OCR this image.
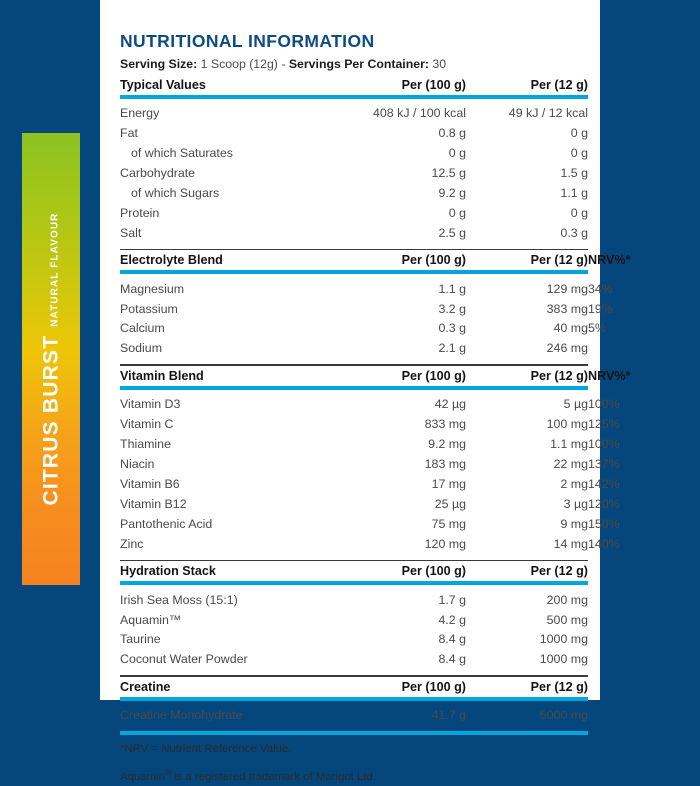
CITRUS BURST
NATURAL FLAVOUR
NUTRITIONAL INFORMATION
Serving Size: 1 Scoop (12g) - Servings Per Container: 30
Typical Values	Per (100 g)	Per (12 g)	

Energy	408 kJ / 100 kcal	49 kJ / 12 kcal	
Fat	0.8 g	0 g	
of which Saturates	0 g	0 g	
Carbohydrate	12.5 g	1.5 g	
of which Sugars	9.2 g	1.1 g	
Protein	0 g	0 g	
Salt	2.5 g	0.3 g	

Electrolyte Blend	Per (100 g)	Per (12 g)	NRV%*

Magnesium	1.1 g	129 mg	34%
Potassium	3.2 g	383 mg	19%
Calcium	0.3 g	40 mg	5%
Sodium	2.1 g	246 mg	

Vitamin Blend	Per (100 g)	Per (12 g)	NRV%*

Vitamin D3	42 µg	5 µg	100%
Vitamin C	833 mg	100 mg	125%
Thiamine	9.2 mg	1.1 mg	100%
Niacin	183 mg	22 mg	137%
Vitamin B6	17 mg	2 mg	142%
Vitamin B12	25 µg	3 µg	120%
Pantothenic Acid	75 mg	9 mg	150%
Zinc	120 mg	14 mg	140%

Hydration Stack	Per (100 g)	Per (12 g)	

Irish Sea Moss (15:1)	1.7 g	200 mg	
Aquamin™	4.2 g	500 mg	
Taurine	8.4 g	1000 mg	
Coconut Water Powder	8.4 g	1000 mg	

Creatine	Per (100 g)	Per (12 g)	

Creatine Monohydrate	41.7 g	5000 mg	

*NRV = Nutrient Reference Value.
Aquamin® is a registered trademark of Marigot Ltd.
